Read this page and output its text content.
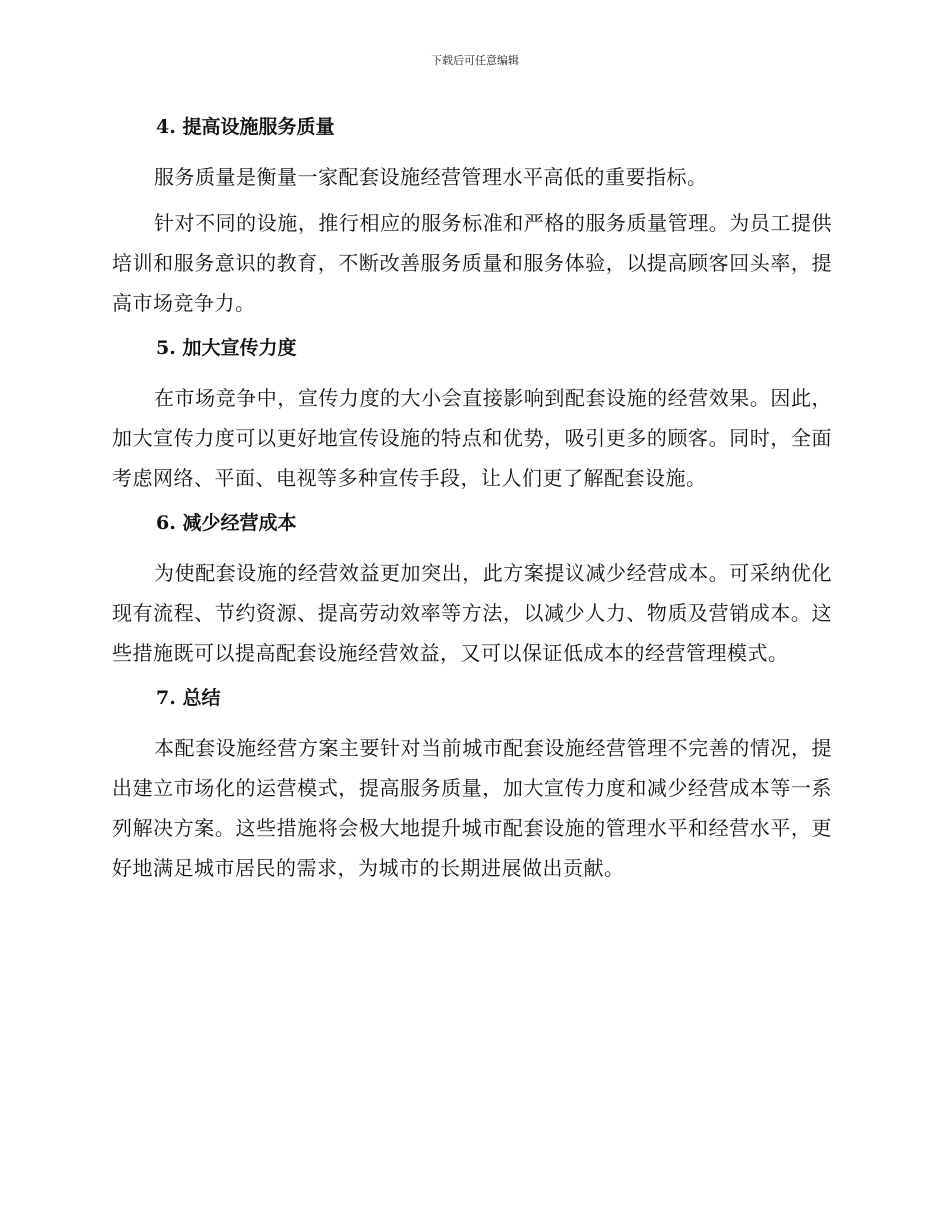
下载后可任意编辑
4. 提高设施服务质量

服务质量是衡量一家配套设施经营管理水平高低的重要指标。

针对不同的设施，推行相应的服务标准和严格的服务质量管理。为员工提供培训和服务意识的教育，不断改善服务质量和服务体验，以提高顾客回头率，提高市场竞争力。

5. 加大宣传力度

在市场竞争中，宣传力度的大小会直接影响到配套设施的经营效果。因此，加大宣传力度可以更好地宣传设施的特点和优势，吸引更多的顾客。同时，全面考虑网络、平面、电视等多种宣传手段，让人们更了解配套设施。

6. 减少经营成本

为使配套设施的经营效益更加突出，此方案提议减少经营成本。可采纳优化现有流程、节约资源、提高劳动效率等方法，以减少人力、物质及营销成本。这些措施既可以提高配套设施经营效益，又可以保证低成本的经营管理模式。

7. 总结

本配套设施经营方案主要针对当前城市配套设施经营管理不完善的情况，提出建立市场化的运营模式，提高服务质量，加大宣传力度和减少经营成本等一系列解决方案。这些措施将会极大地提升城市配套设施的管理水平和经营水平，更好地满足城市居民的需求，为城市的长期进展做出贡献。
